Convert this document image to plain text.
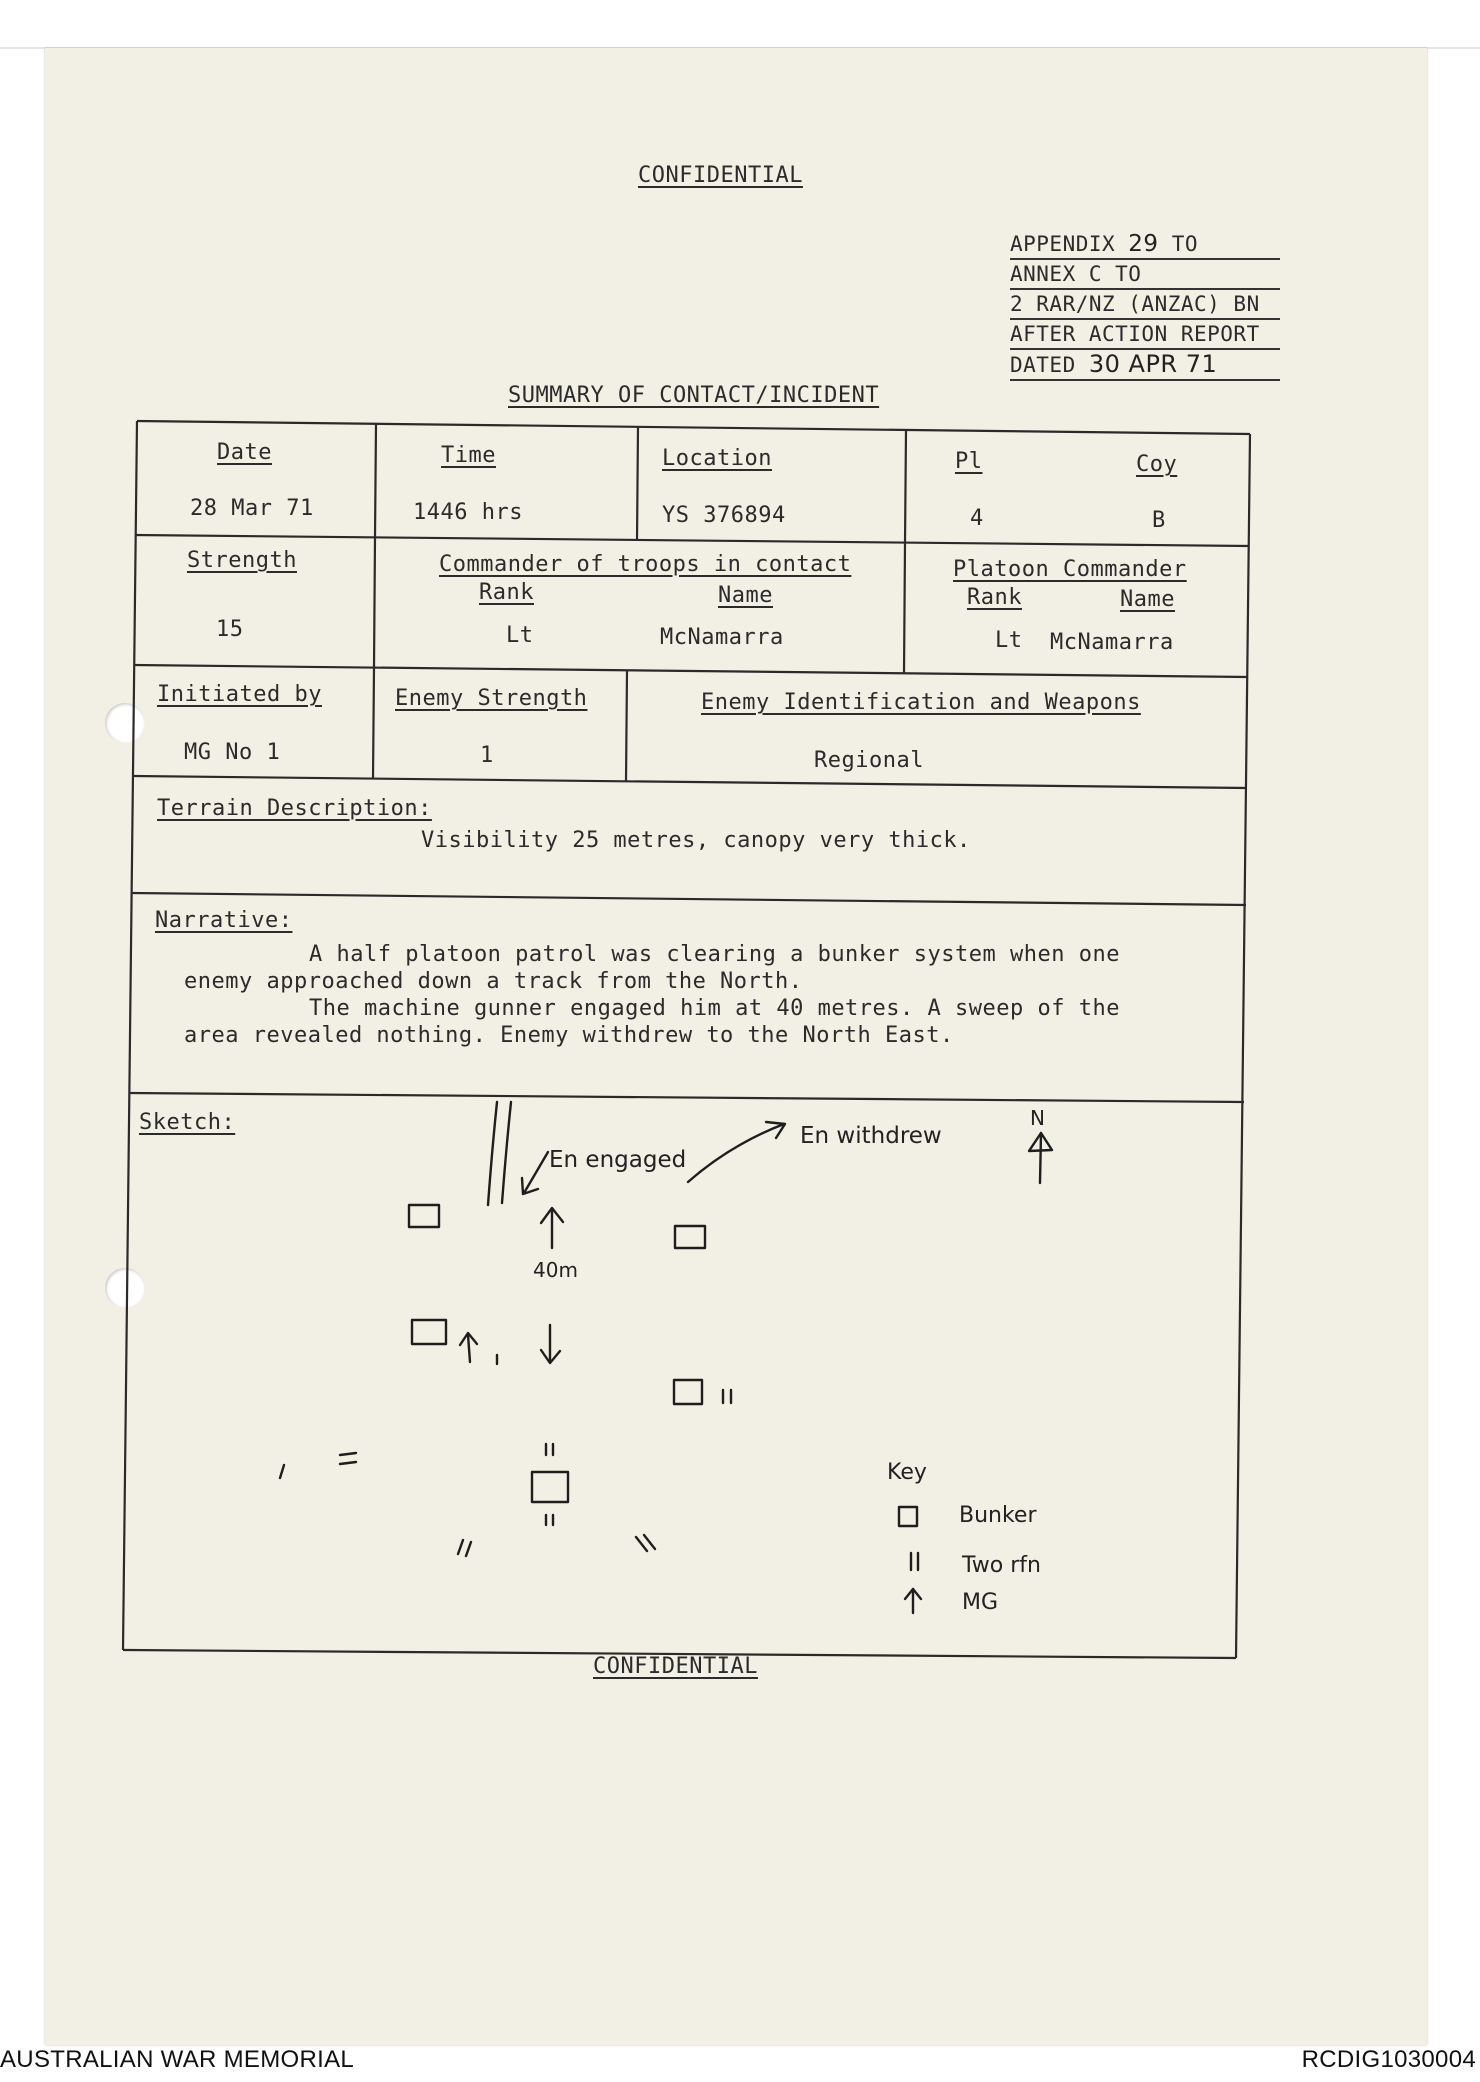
CONFIDENTIAL
APPENDIX 29 TO
ANNEX C TO
2 RAR/NZ (ANZAC) BN
AFTER ACTION REPORT
DATED 30 APR 71
SUMMARY OF CONTACT/INCIDENT
Date
28 Mar 71
Time
1446 hrs
Location
YS 376894
Pl
4
Coy
B
Strength
15
Commander of troops in contact
Rank	Name
Lt	McNamarra
Platoon Commander
Rank	Name
Lt McNamarra
Initiated by
MG No 1
Enemy Strength
1
Enemy Identification and Weapons
Regional
Terrain Description:
Visibility 25 metres, canopy very thick.
Narrative:
A half platoon patrol was clearing a bunker system when one
enemy approached down a track from the North.
The machine gunner engaged him at 40 metres. A sweep of the
area revealed nothing. Enemy withdrew to the North East.
Sketch:
En engaged
En withdrew
N
40m
Key
Bunker
Two rfn
MG
CONFIDENTIAL
AUSTRALIAN WAR MEMORIAL	RCDIG1030004
